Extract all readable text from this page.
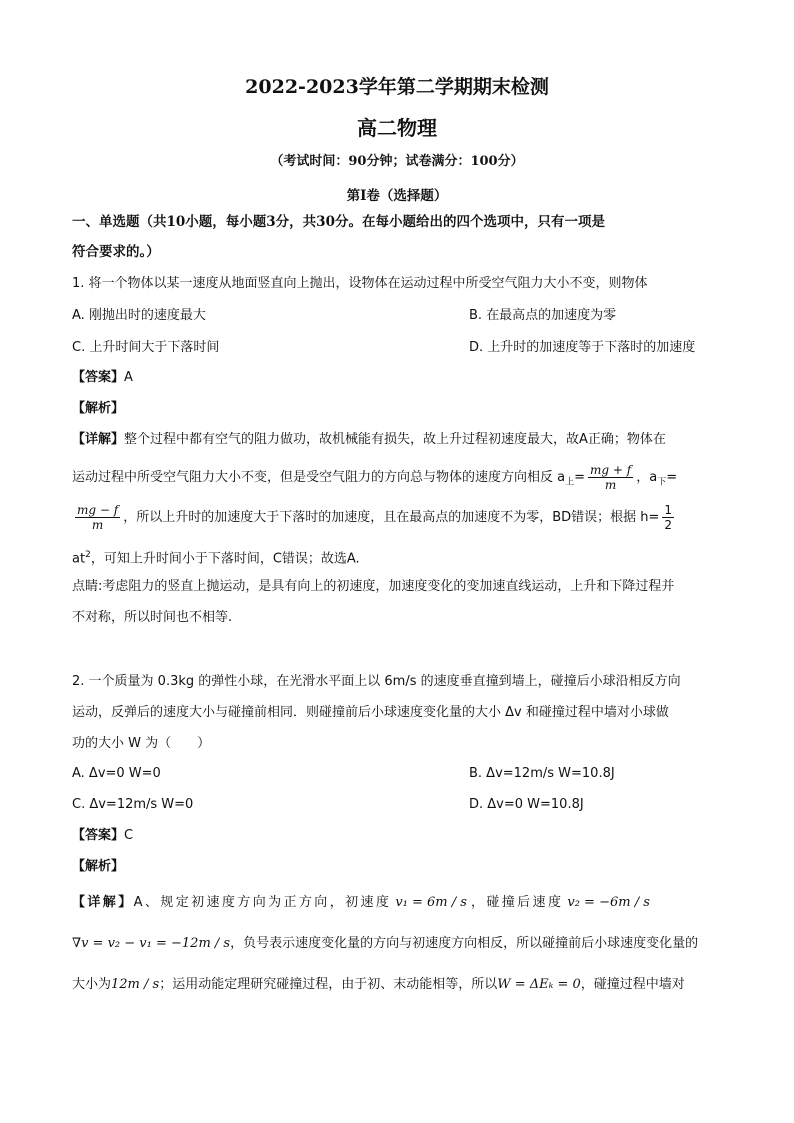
2022-2023学年第二学期期末检测
高二物理
（考试时间：90分钟；试卷满分：100分）
第I卷（选择题）
一、单选题（共10小题，每小题3分，共30分。在每小题给出的四个选项中，只有一项是
符合要求的。）
1. 将一个物体以某一速度从地面竖直向上抛出，设物体在运动过程中所受空气阻力大小不变，则物体
A. 刚抛出时的速度最大	B. 在最高点的加速度为零
C. 上升时间大于下落时间	D. 上升时的加速度等于下落时的加速度
【答案】A
【解析】
【详解】整个过程中都有空气的阻力做功，故机械能有损失，故上升过程初速度最大，故A正确；物体在
运动过程中所受空气阻力大小不变，但是受空气阻力的方向总与物体的速度方向相反 $a_上= \frac{mg + f}{m}$ ，$a_下=$
$\frac{mg - f}{m}$ ，所以上升时的加速度大于下落时的加速度，且在最高点的加速度不为零，BD错误；根据 $h= \frac{1}{2}$
$at^2$，可知上升时间小于下落时间，C错误；故选A.
点睛:考虑阻力的竖直上抛运动，是具有向上的初速度，加速度变化的变加速直线运动，上升和下降过程并
不对称，所以时间也不相等.
2. 一个质量为 0.3kg 的弹性小球，在光滑水平面上以 6m/s 的速度垂直撞到墙上，碰撞后小球沿相反方向
运动，反弹后的速度大小与碰撞前相同．则碰撞前后小球速度变化量的大小 Δv 和碰撞过程中墙对小球做
功的大小 W 为（　　）
A. Δv=0 W=0	B. Δv=12m/s W=10.8J
C. Δv=12m/s W=0	D. Δv=0 W=10.8J
【答案】C
【解析】
【详解】A、规定初速度方向为正方向，初速度 v₁ = 6m / s ，碰撞后速度 v₂ = −6m / s
∇v = v₂ − v₁ = −12m / s，负号表示速度变化量的方向与初速度方向相反，所以碰撞前后小球速度变化量的
大小为12m / s；运用动能定理研究碰撞过程，由于初、末动能相等，所以W = ΔEₖ = 0，碰撞过程中墙对
